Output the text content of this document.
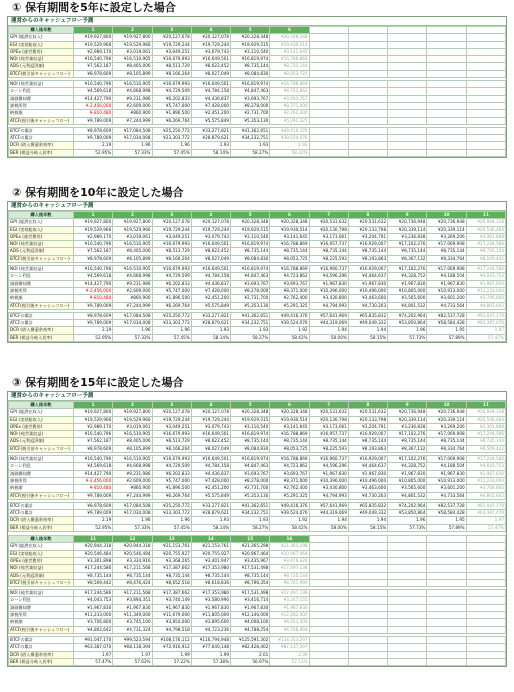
① 保有期間を5年に設定した場合
運営からのキャッシュフロー予測
購入後年数	1	2	3	4	5	6					
GPI (総潜在収入)	¥19,927,800	¥19,927,800	¥20,127,078	¥20,127,078	¥20,328,348	¥20,328,348					
EGI (実効総収入)	¥19,529,966	¥19,529,966	¥19,729,244	¥19,729,244	¥19,929,515	¥19,930,514					
OPEx (運営費用)	¥2,989,170	¥3,019,061	¥3,049,251	¥3,079,743	¥3,110,540	¥3,141,645					
NOI (純営業収益)	¥16,540,796	¥16,510,905	¥16,679,993	¥16,649,501	¥16,819,974	¥16,788,869					
ADS (元利返済額)	¥7,562,187	¥8,405,006	¥8,513,729	¥8,622,452	¥8,735,144	¥8,735,144					
BTCF(税引前キャッシュフロー)	¥8,978,609	¥8,105,899	¥8,166,264	¥8,027,049	¥8,084,830	¥8,053,725					

NOI (純営業収益)	¥16,540,796	¥16,510,905	¥16,679,993	¥16,649,501	¥16,819,974	¥16,788,869					
ローン利息	¥4,569,618	¥4,668,998	¥4,729,509	¥4,784,158	¥4,847,463	¥4,723,862					
減価償却費	¥14,427,790	¥9,231,986	¥6,202,833	¥4,436,837	¥3,693,767	¥3,693,767					
課税所得	¥-2,456,000	¥2,609,000	¥5,747,000	¥7,428,000	¥8,278,000	¥8,371,000					
納税額	¥-810,480	¥860,900	¥1,896,500	¥2,451,200	¥2,731,700	¥2,762,400					
ATCF(税引後キャッシュフロー)	¥9,789,009	¥7,244,999	¥6,269,764	¥5,575,849	¥5,353,130	¥5,291,325					

BTCFの累計	¥8,978,609	¥17,084,508	¥25,250,772	¥33,277,821	¥41,362,651	¥49,416,376					
ATCFの累計	¥9,789,009	¥17,034,008	¥23,303,772	¥28,879,621	¥34,232,751	¥39,524,076					
DCR (借入償還余裕率)	2.19	1.96	1.96	1.93	1.93	1.92					
BER (損益分岐入居率)	52.95%	57.33%	57.45%	58.14%	58.27%	58.42%					
② 保有期間を10年に設定した場合
運営からのキャッシュフロー予測
購入後年数	1	2	3	4	5	6	7	8	9	10	11
GPI (総潜在収入)	¥19,927,800	¥19,927,800	¥20,127,078	¥20,127,078	¥20,328,348	¥20,328,348	¥20,531,632	¥20,531,632	¥20,736,948	¥20,736,948	¥20,944,318
EGI (実効総収入)	¥19,529,966	¥19,529,966	¥19,729,244	¥19,729,244	¥19,929,515	¥19,930,514	¥20,130,798	¥20,133,798	¥20,339,114	¥20,339,114	¥20,546,484
OPEx (運営費用)	¥2,989,170	¥3,019,061	¥3,049,251	¥3,079,743	¥3,110,540	¥3,141,645	¥3,173,061	¥3,204,791	¥3,236,838	¥3,269,206	¥3,301,898
NOI (純営業収益)	¥16,540,796	¥16,510,905	¥16,679,993	¥16,649,501	¥16,819,974	¥16,788,869	¥16,957,737	¥16,929,007	¥17,102,276	¥17,069,908	¥17,244,586
ADS (元利返済額)	¥7,562,187	¥8,405,006	¥8,513,729	¥8,622,452	¥8,735,144	¥8,735,144	¥8,735,144	¥8,735,144	¥8,735,144	¥8,735,144	¥8,735,144
BTCF(税引前キャッシュフロー)	¥8,978,609	¥8,105,899	¥8,166,264	¥8,027,049	¥8,084,830	¥8,053,725	¥8,225,593	¥8,193,863	¥8,367,132	¥8,334,764	¥8,509,442

NOI (純営業収益)	¥16,540,796	¥16,510,905	¥16,679,993	¥16,649,501	¥16,819,974	¥16,788,869	¥16,960,737	¥16,929,007	¥17,102,276	¥17,069,908	¥17,244,586
ローン利息	¥4,569,618	¥4,668,998	¥4,729,509	¥4,784,158	¥4,847,463	¥4,723,862	¥4,596,296	¥4,464,637	¥4,328,752	¥4,188,504	¥4,043,753
減価償却費	¥14,427,790	¥9,231,986	¥6,202,833	¥4,436,837	¥3,693,767	¥3,693,767	¥1,967,830	¥1,967,830	¥1,967,830	¥1,967,830	¥1,967,830
課税所得	¥-2,456,000	¥2,609,000	¥5,747,000	¥7,428,000	¥8,278,000	¥8,371,000	¥10,396,000	¥10,496,000	¥10,805,000	¥10,913,000	¥11,233,000
納税額	¥-810,480	¥860,900	¥1,896,500	¥2,451,200	¥2,731,700	¥2,762,400	¥3,430,800	¥3,463,600	¥3,565,600	¥3,601,200	¥3,706,800
ATCF(税引後キャッシュフロー)	¥9,789,009	¥7,244,999	¥6,269,764	¥5,575,849	¥5,353,130	¥5,291,325	¥4,794,993	¥4,730,263	¥4,801,532	¥4,733,564	¥4,802,642

BTCFの累計	¥8,978,609	¥17,084,508	¥25,250,772	¥33,277,821	¥41,362,651	¥49,416,376	¥57,641,969	¥65,835,832	¥74,202,964	¥82,537,728	¥91,047,170
ATCFの累計	¥9,789,009	¥17,034,008	¥23,303,772	¥28,879,621	¥34,232,751	¥39,524,076	¥44,319,069	¥49,049,332	¥53,850,864	¥58,584,428	¥63,387,070
DCR (借入償還余裕率)	2.19	1.96	1.96	1.93	1.93	1.92	1.94	1.94	1.96	1.95	1.97
BER (損益分岐入居率)	52.95%	57.33%	57.45%	58.14%	58.27%	58.42%	58.00%	58.15%	57.73%	57.89%	57.47%
③ 保有期間を15年に設定した場合
運営からのキャッシュフロー予測
購入後年数	1	2	3	4	5	6	7	8	9	10	11
GPI (総潜在収入)	¥19,927,800	¥19,927,800	¥20,127,078	¥20,127,078	¥20,328,348	¥20,328,348	¥20,531,632	¥20,531,632	¥20,736,948	¥20,736,948	¥20,944,318
EGI (実効総収入)	¥19,529,966	¥19,529,966	¥19,729,244	¥19,729,244	¥19,929,515	¥19,930,514	¥20,130,798	¥20,133,798	¥20,339,114	¥20,339,114	¥20,546,484
OPEx (運営費用)	¥2,989,170	¥3,019,061	¥3,049,251	¥3,079,743	¥3,110,540	¥3,141,645	¥3,173,061	¥3,204,791	¥3,236,838	¥3,269,206	¥3,301,898
NOI (純営業収益)	¥16,540,796	¥16,510,905	¥16,679,993	¥16,649,501	¥16,819,974	¥16,788,869	¥16,957,737	¥16,929,007	¥17,102,276	¥17,069,908	¥17,244,586
ADS (元利返済額)	¥7,562,187	¥8,405,006	¥8,513,729	¥8,622,452	¥8,735,144	¥8,735,144	¥8,735,144	¥8,735,144	¥8,735,144	¥8,735,144	¥8,735,144
BTCF(税引前キャッシュフロー)	¥8,978,609	¥8,105,899	¥8,166,264	¥8,027,049	¥8,084,830	¥8,053,725	¥8,225,593	¥8,193,863	¥8,367,132	¥8,334,764	¥8,509,442

NOI (純営業収益)	¥16,540,796	¥16,510,905	¥16,679,993	¥16,649,501	¥16,819,974	¥16,788,869	¥16,960,737	¥16,929,007	¥17,102,276	¥17,069,908	¥17,244,586
ローン利息	¥4,569,618	¥4,668,998	¥4,729,509	¥4,784,158	¥4,847,463	¥4,723,862	¥4,596,296	¥4,464,637	¥4,328,752	¥4,188,504	¥4,043,753
減価償却費	¥14,427,790	¥9,231,986	¥6,202,833	¥4,436,837	¥3,693,767	¥3,693,767	¥1,967,830	¥1,967,830	¥1,967,830	¥1,967,830	¥1,967,830
課税所得	¥-2,456,000	¥2,609,000	¥5,747,000	¥7,428,000	¥8,278,000	¥8,371,000	¥10,396,000	¥10,496,000	¥10,805,000	¥10,913,000	¥11,233,000
納税額	¥-810,480	¥860,900	¥1,896,500	¥2,451,200	¥2,731,700	¥2,762,400	¥3,430,800	¥3,463,600	¥3,565,600	¥3,601,200	¥3,706,800
ATCF(税引後キャッシュフロー)	¥9,789,009	¥7,244,999	¥6,269,764	¥5,575,849	¥5,353,130	¥5,291,325	¥4,794,993	¥4,730,263	¥4,801,532	¥4,733,564	¥4,802,642

BTCFの累計	¥8,978,609	¥17,084,508	¥25,250,772	¥33,277,821	¥41,362,651	¥49,416,376	¥57,641,969	¥65,835,832	¥74,202,964	¥82,537,728	¥91,047,170
ATCFの累計	¥9,789,009	¥17,034,008	¥23,303,772	¥28,879,621	¥34,232,751	¥39,524,076	¥44,319,069	¥49,049,332	¥53,850,864	¥58,584,428	¥63,387,070
DCR (借入償還余裕率)	2.19	1.96	1.96	1.93	1.93	1.92	1.94	1.94	1.96	1.95	1.97
BER (損益分岐入居率)	52.95%	57.33%	57.45%	58.14%	58.27%	58.42%	58.00%	58.15%	57.73%	57.89%	57.47%
購入後年数	11	12	13	14	15	16					
GPI (総潜在収入)	¥20,944,318	¥20,944,318	¥21,153,761	¥21,153,761	¥21,365,298	¥21,365,298					
EGI (実効総収入)	¥20,546,484	¥20,546,484	¥20,755,927	¥20,755,927	¥20,967,464	¥20,967,464					
OPEx (運営費用)	¥3,301,898	¥3,334,916	¥3,368,265	¥3,401,947	¥3,435,967	¥3,470,326					
NOI (純営業収益)	¥17,244,586	¥17,211,568	¥17,387,662	¥17,353,980	¥17,531,498	¥17,497,138					
ADS (元利返済額)	¥8,735,144	¥8,735,144	¥8,735,144	¥8,735,144	¥8,735,144	¥8,735,144					
BTCF(税引前キャッシュフロー)	¥8,509,442	¥8,476,424	¥8,652,518	¥8,618,836	¥8,796,354	¥8,761,994					

NOI (純営業収益)	¥17,244,586	¥17,211,568	¥17,387,662	¥17,353,980	¥17,531,498	¥17,497,138					
ローン利息	¥4,043,753	¥3,894,351	¥3,740,149	¥3,580,990	¥3,416,714	¥3,247,155					
減価償却費	¥1,967,830	¥1,967,830	¥1,967,830	¥1,967,830	¥1,967,830	¥1,967,830					
課税所得	¥11,233,000	¥11,349,000	¥11,679,000	¥11,805,000	¥12,146,000	¥12,282,000					
納税額	¥3,706,800	¥3,745,100	¥3,854,000	¥3,895,600	¥4,008,100	¥4,053,000					
ATCF(税引後キャッシュフロー)	¥4,802,642	¥4,731,324	¥4,798,518	¥4,723,236	¥4,788,254	¥4,708,994					

BTCFの累計	¥91,047,170	¥99,523,594	¥108,176,112	¥116,794,948	¥125,591,302	¥134,353,297					
ATCFの累計	¥63,387,070	¥68,118,394	¥72,916,912	¥77,640,148	¥82,428,402	¥87,137,397					
DCR (借入償還余裕率)	1.97	1.97	1.99	1.99	2.01	2.00					
BER (損益分岐入居率)	57.47%	57.63%	57.22%	57.38%	56.97%	57.13%					
